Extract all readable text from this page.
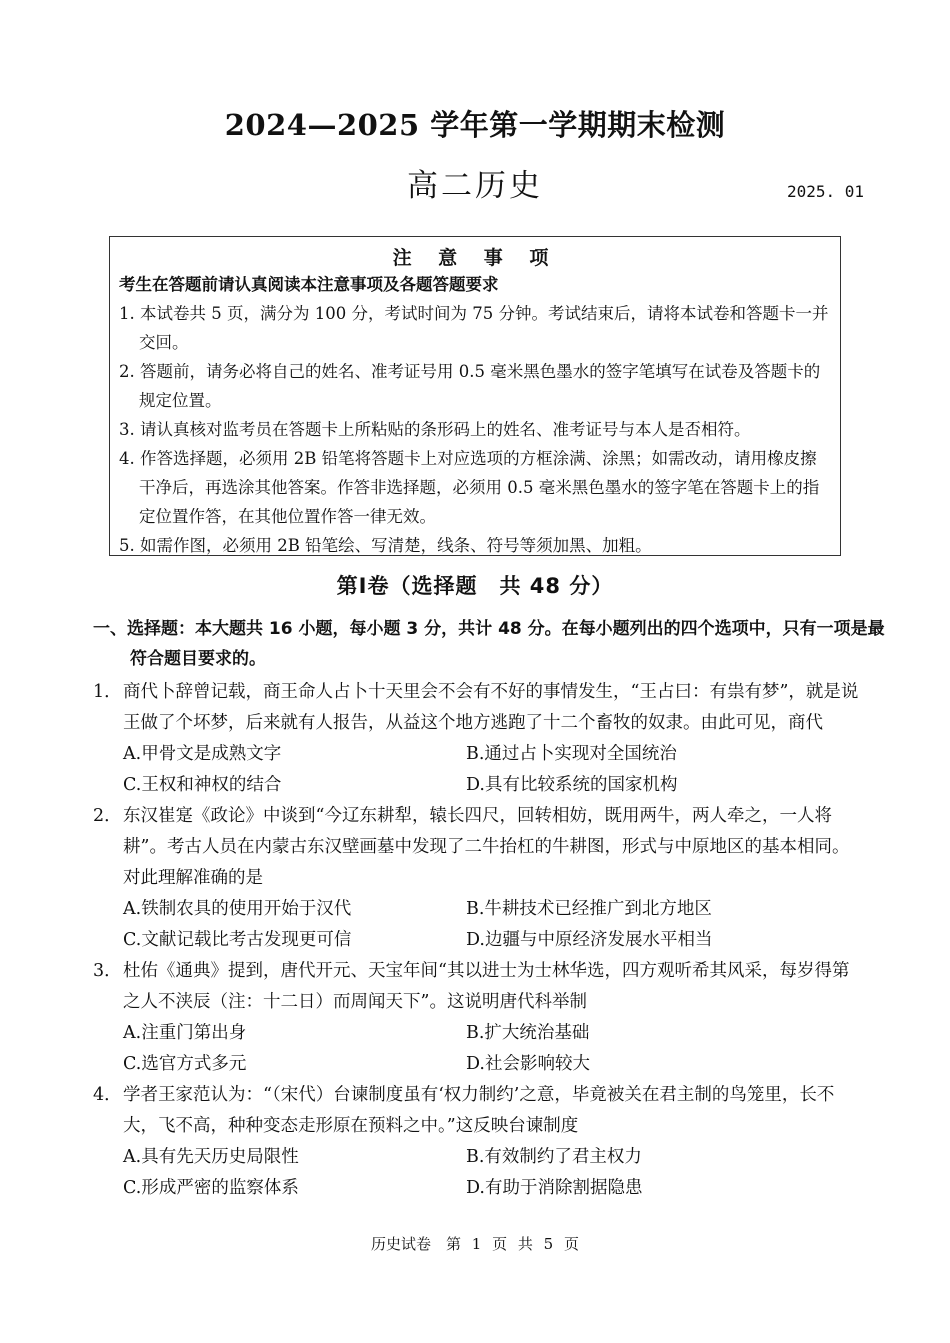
2024—2025 学年第一学期期末检测
高二历史	2025. 01
注 意 事 项
考生在答题前请认真阅读本注意事项及各题答题要求
1. 本试卷共 5 页，满分为 100 分，考试时间为 75 分钟。考试结束后，请将本试卷和答题卡一并交回。
2. 答题前，请务必将自己的姓名、准考证号用 0.5 毫米黑色墨水的签字笔填写在试卷及答题卡的规定位置。
3. 请认真核对监考员在答题卡上所粘贴的条形码上的姓名、准考证号与本人是否相符。
4. 作答选择题，必须用 2B 铅笔将答题卡上对应选项的方框涂满、涂黑；如需改动，请用橡皮擦干净后，再选涂其他答案。作答非选择题，必须用 0.5 毫米黑色墨水的签字笔在答题卡上的指定位置作答，在其他位置作答一律无效。
5. 如需作图，必须用 2B 铅笔绘、写清楚，线条、符号等须加黑、加粗。
第Ⅰ卷（选择题　共 48 分）
一、选择题：本大题共 16 小题，每小题 3 分，共计 48 分。在每小题列出的四个选项中，只有一项是最符合题目要求的。
1． 商代卜辞曾记载，商王命人占卜十天里会不会有不好的事情发生，“王占曰：有祟有梦”，就是说王做了个坏梦，后来就有人报告，从益这个地方逃跑了十二个畜牧的奴隶。由此可见，商代
A.甲骨文是成熟文字	B.通过占卜实现对全国统治
C.王权和神权的结合	D.具有比较系统的国家机构
2． 东汉崔寔《政论》中谈到“今辽东耕犁，辕长四尺，回转相妨，既用两牛，两人牵之，一人将耕”。考古人员在内蒙古东汉壁画墓中发现了二牛抬杠的牛耕图，形式与中原地区的基本相同。对此理解准确的是
A.铁制农具的使用开始于汉代	B.牛耕技术已经推广到北方地区
C.文献记载比考古发现更可信	D.边疆与中原经济发展水平相当
3． 杜佑《通典》提到，唐代开元、天宝年间“其以进士为士林华选，四方观听希其风采，每岁得第之人不浃辰（注：十二日）而周闻天下”。这说明唐代科举制
A.注重门第出身	B.扩大统治基础
C.选官方式多元	D.社会影响较大
4． 学者王家范认为：“（宋代）台谏制度虽有‘权力制约’之意，毕竟被关在君主制的鸟笼里，长不大，飞不高，种种变态走形原在预料之中。”这反映台谏制度
A.具有先天历史局限性	B.有效制约了君主权力
C.形成严密的监察体系	D.有助于消除割据隐患
历史试卷　第 1 页 共 5 页
